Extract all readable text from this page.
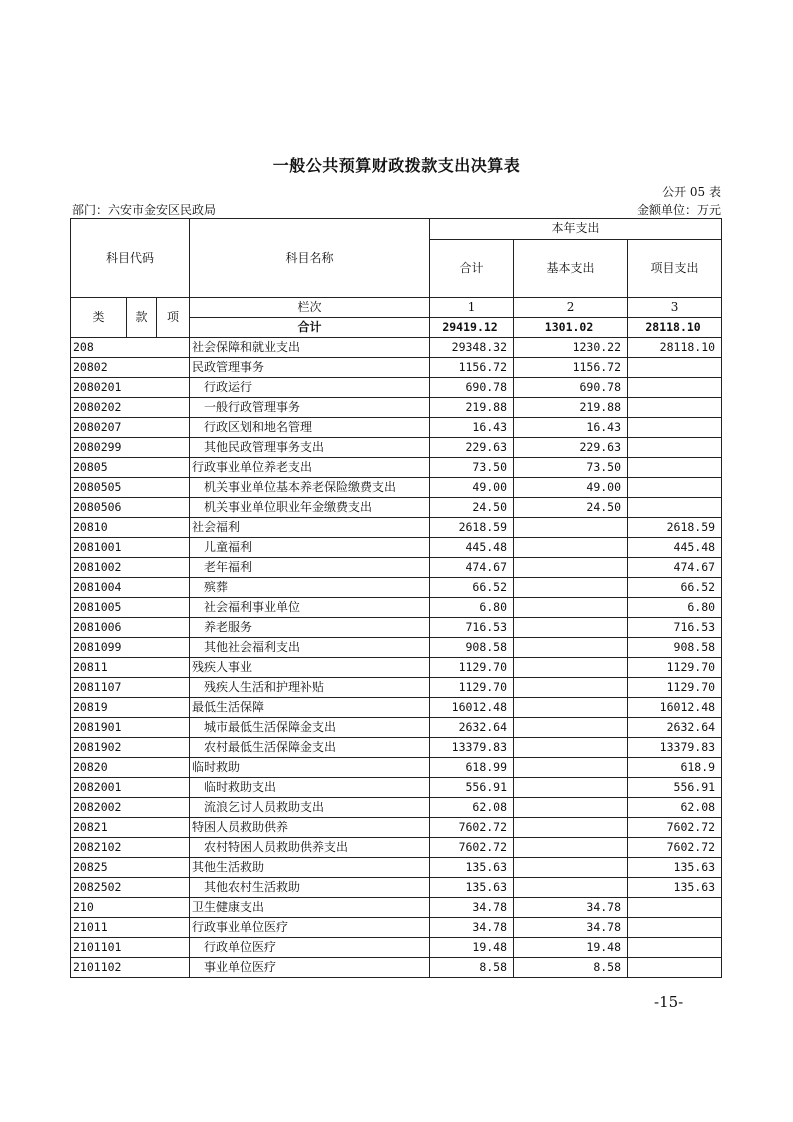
一般公共预算财政拨款支出决算表
公开 05 表
部门：六安市金安区民政局	金额单位：万元
科目代码			科目名称	本年支出		
				合计	基本支出	项目支出
类	款	项	栏次	1	2	3
			合计	29419.12	1301.02	28118.10
208			社会保障和就业支出	29348.32	1230.22	28118.10
20802			民政管理事务	1156.72	1156.72	
2080201			行政运行	690.78	690.78	
2080202			一般行政管理事务	219.88	219.88	
2080207			行政区划和地名管理	16.43	16.43	
2080299			其他民政管理事务支出	229.63	229.63	
20805			行政事业单位养老支出	73.50	73.50	
2080505			机关事业单位基本养老保险缴费支出	49.00	49.00	
2080506			机关事业单位职业年金缴费支出	24.50	24.50	
20810			社会福利	2618.59		2618.59
2081001			儿童福利	445.48		445.48
2081002			老年福利	474.67		474.67
2081004			殡葬	66.52		66.52
2081005			社会福利事业单位	6.80		6.80
2081006			养老服务	716.53		716.53
2081099			其他社会福利支出	908.58		908.58
20811			残疾人事业	1129.70		1129.70
2081107			残疾人生活和护理补贴	1129.70		1129.70
20819			最低生活保障	16012.48		16012.48
2081901			城市最低生活保障金支出	2632.64		2632.64
2081902			农村最低生活保障金支出	13379.83		13379.83
20820			临时救助	618.99		618.9
2082001			临时救助支出	556.91		556.91
2082002			流浪乞讨人员救助支出	62.08		62.08
20821			特困人员救助供养	7602.72		7602.72
2082102			农村特困人员救助供养支出	7602.72		7602.72
20825			其他生活救助	135.63		135.63
2082502			其他农村生活救助	135.63		135.63
210			卫生健康支出	34.78	34.78	
21011			行政事业单位医疗	34.78	34.78	
2101101			行政单位医疗	19.48	19.48	
2101102			事业单位医疗	8.58	8.58	
-15-
